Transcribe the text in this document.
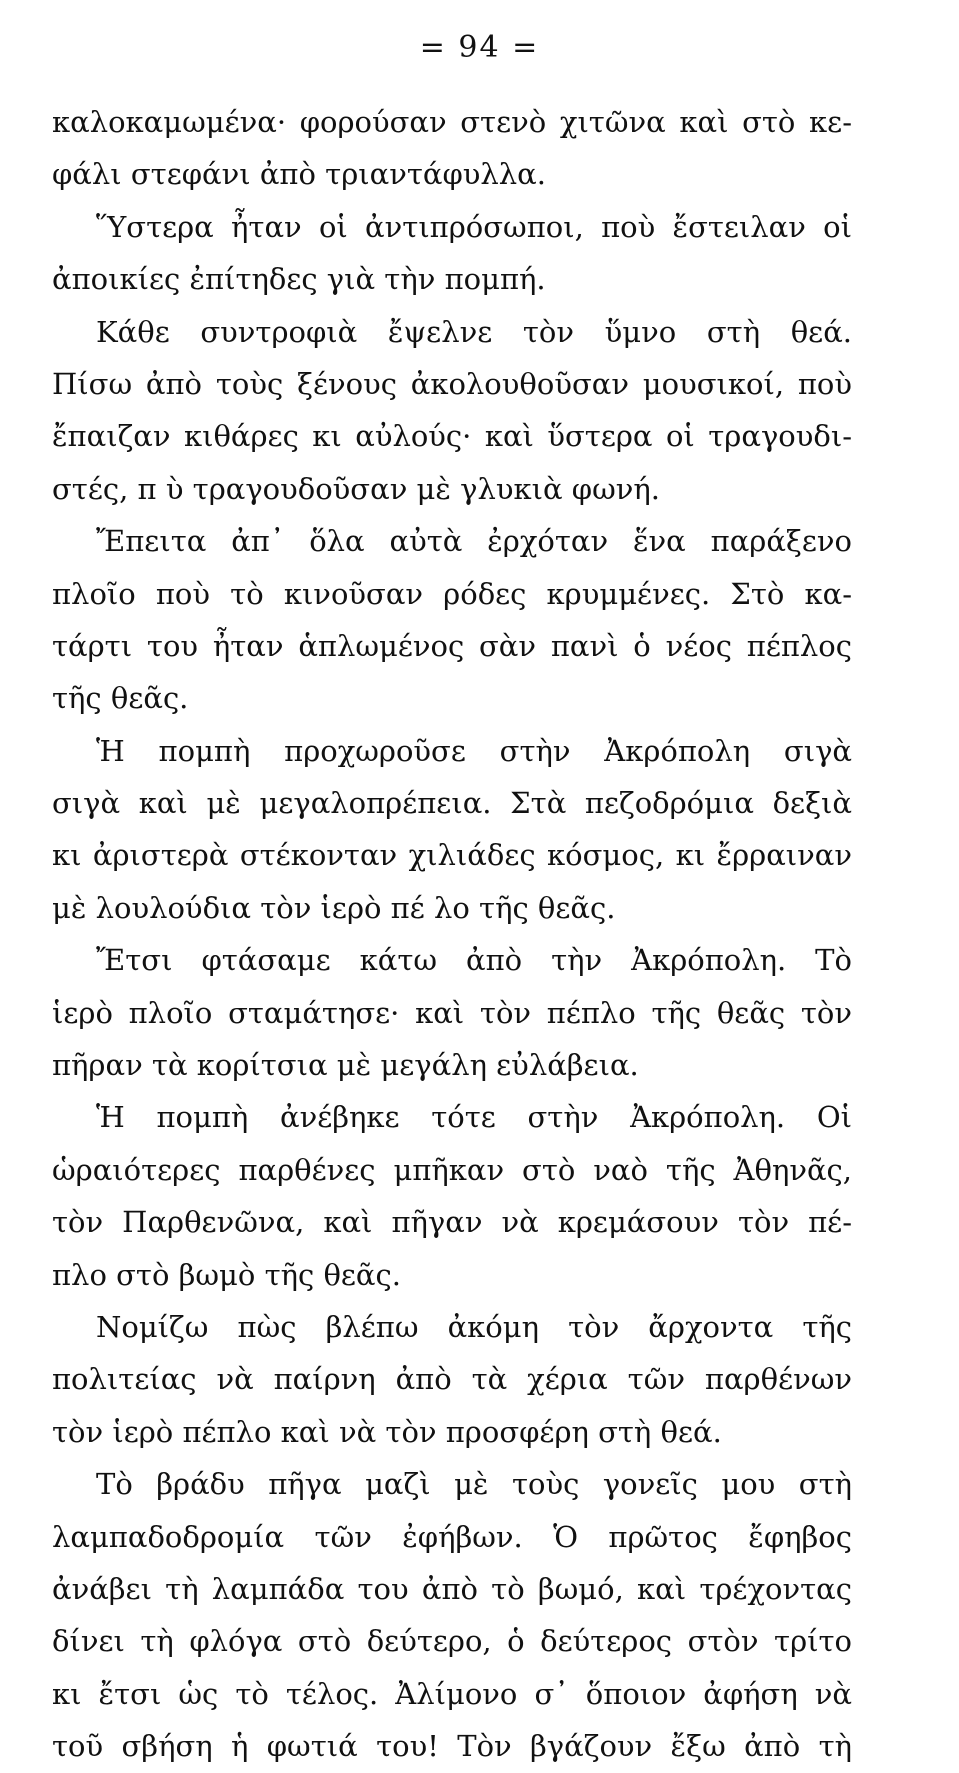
= 94 =
καλοκαμωμένα· φορούσαν στενὸ χιτῶνα καὶ στὸ κε-
φάλι στεφάνι ἀπὸ τριαντάφυλλα.
Ὕστερα ἦταν οἱ ἀντιπρόσωποι, ποὺ ἔστειλαν οἱ
ἀποικίες ἐπίτηδες γιὰ τὴν πομπή.
Κάθε συντροφιὰ ἔψελνε τὸν ὕμνο στὴ θεά.
Πίσω ἀπὸ τοὺς ξένους ἀκολουθοῦσαν μουσικοί, ποὺ
ἔπαιζαν κιθάρες κι αὐλούς· καὶ ὕστερα οἱ τραγουδι-
στές, π ὺ τραγουδοῦσαν μὲ γλυκιὰ φωνή.
Ἔπειτα ἀπ᾿ ὅλα αὐτὰ ἐρχόταν ἕνα παράξενο
πλοῖο ποὺ τὸ κινοῦσαν ρόδες κρυμμένες. Στὸ κα-
τάρτι του ἦταν ἁπλωμένος σὰν πανὶ ὁ νέος πέπλος
τῆς θεᾶς.
Ἡ πομπὴ προχωροῦσε στὴν Ἀκρόπολη σιγὰ
σιγὰ καὶ μὲ μεγαλοπρέπεια. Στὰ πεζοδρόμια δεξιὰ
κι ἀριστερὰ στέκονταν χιλιάδες κόσμος, κι ἔρραιναν
μὲ λουλούδια τὸν ἱερὸ πέ λο τῆς θεᾶς.
Ἔτσι φτάσαμε κάτω ἀπὸ τὴν Ἀκρόπολη. Τὸ
ἱερὸ πλοῖο σταμάτησε· καὶ τὸν πέπλο τῆς θεᾶς τὸν
πῆραν τὰ κορίτσια μὲ μεγάλη εὐλάβεια.
Ἡ πομπὴ ἀνέβηκε τότε στὴν Ἀκρόπολη. Οἱ
ὡραιότερες παρθένες μπῆκαν στὸ ναὸ τῆς Ἀθηνᾶς,
τὸν Παρθενῶνα, καὶ πῆγαν νὰ κρεμάσουν τὸν πέ-
πλο στὸ βωμὸ τῆς θεᾶς.
Νομίζω πὼς βλέπω ἀκόμη τὸν ἄρχοντα τῆς
πολιτείας νὰ παίρνη ἀπὸ τὰ χέρια τῶν παρθένων
τὸν ἱερὸ πέπλο καὶ νὰ τὸν προσφέρη στὴ θεά.
Τὸ βράδυ πῆγα μαζὶ μὲ τοὺς γονεῖς μου στὴ
λαμπαδοδρομία τῶν ἐφήβων. Ὁ πρῶτος ἔφηβος
ἀνάβει τὴ λαμπάδα του ἀπὸ τὸ βωμό, καὶ τρέχοντας
δίνει τὴ φλόγα στὸ δεύτερο, ὁ δεύτερος στὸν τρίτο
κι ἔτσι ὡς τὸ τέλος. Ἀλίμονο σ᾿ ὅποιον ἀφήση νὰ
τοῦ σβήση ἡ φωτιά του! Τὸν βγάζουν ἔξω ἀπὸ τὴ
